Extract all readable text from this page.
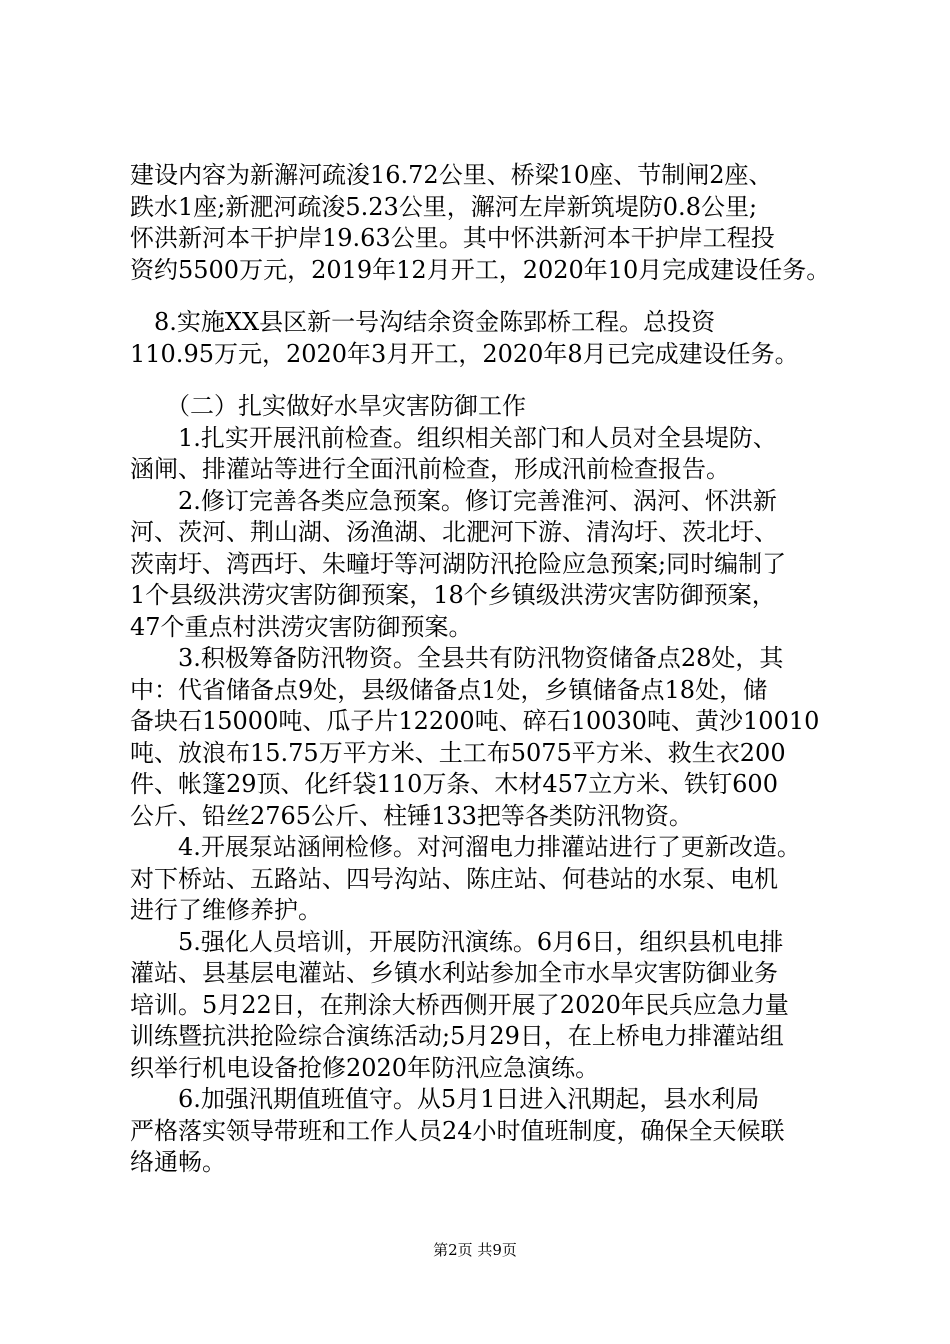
建设内容为新澥河疏浚16.72公里、桥梁10座、节制闸2座、
跌水1座;新淝河疏浚5.23公里，澥河左岸新筑堤防0.8公里;
怀洪新河本干护岸19.63公里。其中怀洪新河本干护岸工程投
资约5500万元，2019年12月开工，2020年10月完成建设任务。
　8.实施XX县区新一号沟结余资金陈郢桥工程。总投资
110.95万元，2020年3月开工，2020年8月已完成建设任务。
　　（二）扎实做好水旱灾害防御工作
　　1.扎实开展汛前检查。组织相关部门和人员对全县堤防、
涵闸、排灌站等进行全面汛前检查，形成汛前检查报告。
　　2.修订完善各类应急预案。修订完善淮河、涡河、怀洪新
河、茨河、荆山湖、汤渔湖、北淝河下游、清沟圩、茨北圩、
茨南圩、湾西圩、朱疃圩等河湖防汛抢险应急预案;同时编制了
1个县级洪涝灾害防御预案，18个乡镇级洪涝灾害防御预案，
47个重点村洪涝灾害防御预案。
　　3.积极筹备防汛物资。全县共有防汛物资储备点28处，其
中：代省储备点9处，县级储备点1处，乡镇储备点18处，储
备块石15000吨、瓜子片12200吨、碎石10030吨、黄沙10010
吨、放浪布15.75万平方米、土工布5075平方米、救生衣200
件、帐篷29顶、化纤袋110万条、木材457立方米、铁钉600
公斤、铅丝2765公斤、柱锤133把等各类防汛物资。
　　4.开展泵站涵闸检修。对河溜电力排灌站进行了更新改造。
对下桥站、五路站、四号沟站、陈庄站、何巷站的水泵、电机
进行了维修养护。
　　5.强化人员培训，开展防汛演练。6月6日，组织县机电排
灌站、县基层电灌站、乡镇水利站参加全市水旱灾害防御业务
培训。5月22日，在荆涂大桥西侧开展了2020年民兵应急力量
训练暨抗洪抢险综合演练活动;5月29日，在上桥电力排灌站组
织举行机电设备抢修2020年防汛应急演练。
　　6.加强汛期值班值守。从5月1日进入汛期起，县水利局
严格落实领导带班和工作人员24小时值班制度，确保全天候联
络通畅。
第2页 共9页
